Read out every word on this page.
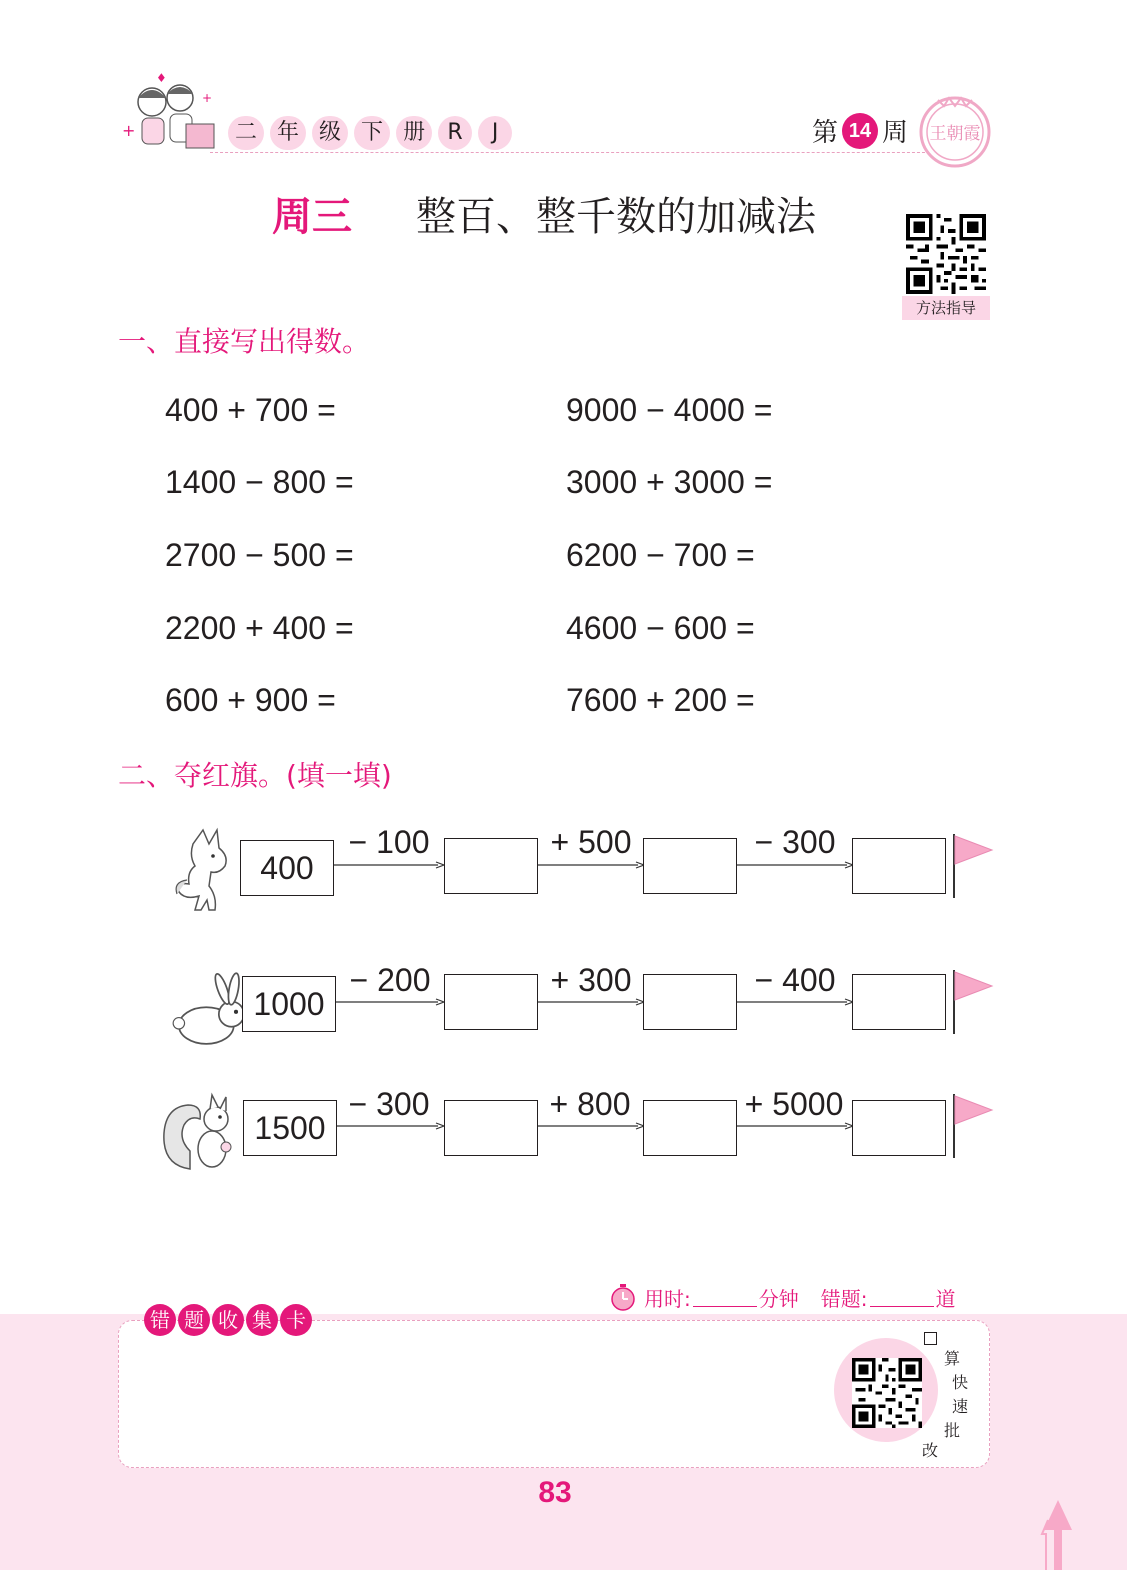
+
♦
+
二 年 级 下 册	R	J	第 14 周 王朝霞
周三 整百、整千数的加减法
方法指导
一、直接写出得数。
400 + 700 =
1400 − 800 =
2700 − 500 =
2200 + 400 =
600 + 900 =
9000 − 4000 =
3000 + 3000 =
6200 − 700 =
4600 − 600 =
7600 + 200 =
二、夺红旗。(填一填)
400
− 100	+ 500	− 300
1000
− 200	+ 300	− 400
1500
− 300	+ 800	+ 5000
用时:	分钟 错题:	道
错 题 收 集 卡
算
快
速
批
改
83
